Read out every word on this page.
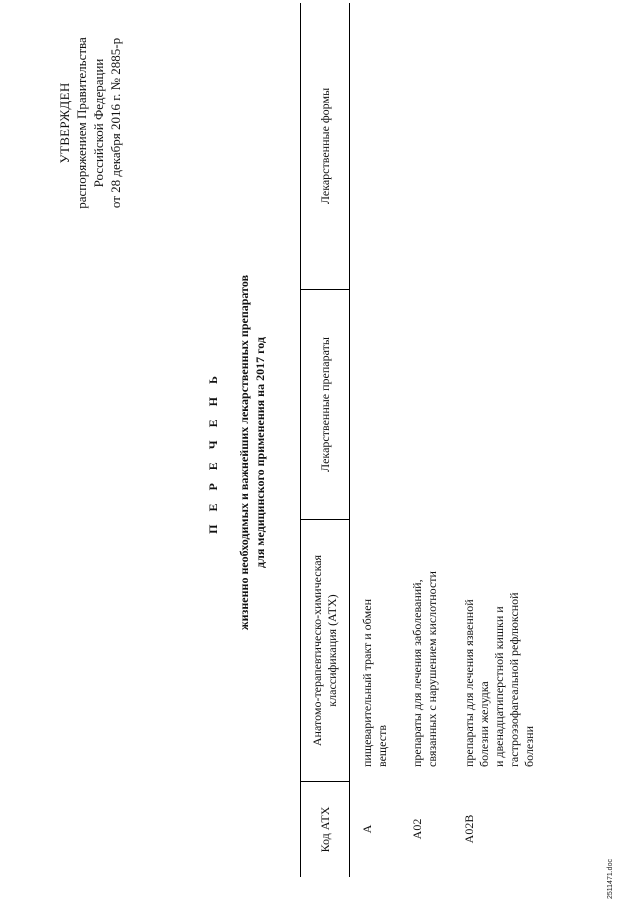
УТВЕРЖДЕН распоряжением Правительства Российской Федерации от 28 декабря 2016 г. № 2885-р
П Е Р Е Ч Е Н Ь жизненно необходимых и важнейших лекарственных препаратов для медицинского применения на 2017 год
Код АТХ
Анатомо-терапевтическо-химическая классификация (АТХ)
Лекарственные препараты
Лекарственные формы
А
пищеварительный тракт и обмен веществ
А02
препараты для лечения заболеваний, связанных с нарушением кислотности
А02В
препараты для лечения язвенной болезни желудка и двенадцатиперстной кишки и гастроэзофагеальной рефлюксной болезни
2511471.doc
